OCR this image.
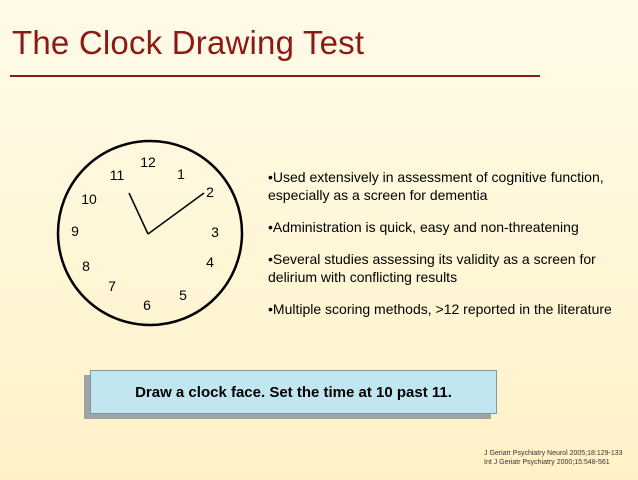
The Clock Drawing Test
12
1
2
3
4
5
6
7
8
9
10
11	•Used extensively in assessment of cognitive function, especially as a screen for dementia
•Administration is quick, easy and non-threatening
•Several studies assessing its validity as a screen for delirium with conflicting results
•Multiple scoring methods, >12 reported in the literature
Draw a clock face. Set the time at 10 past 11.
J Geriatr Psychiatry Neurol 2005;18:129-133
Int J Geriatr Psychiatry 2000;15:548-561
